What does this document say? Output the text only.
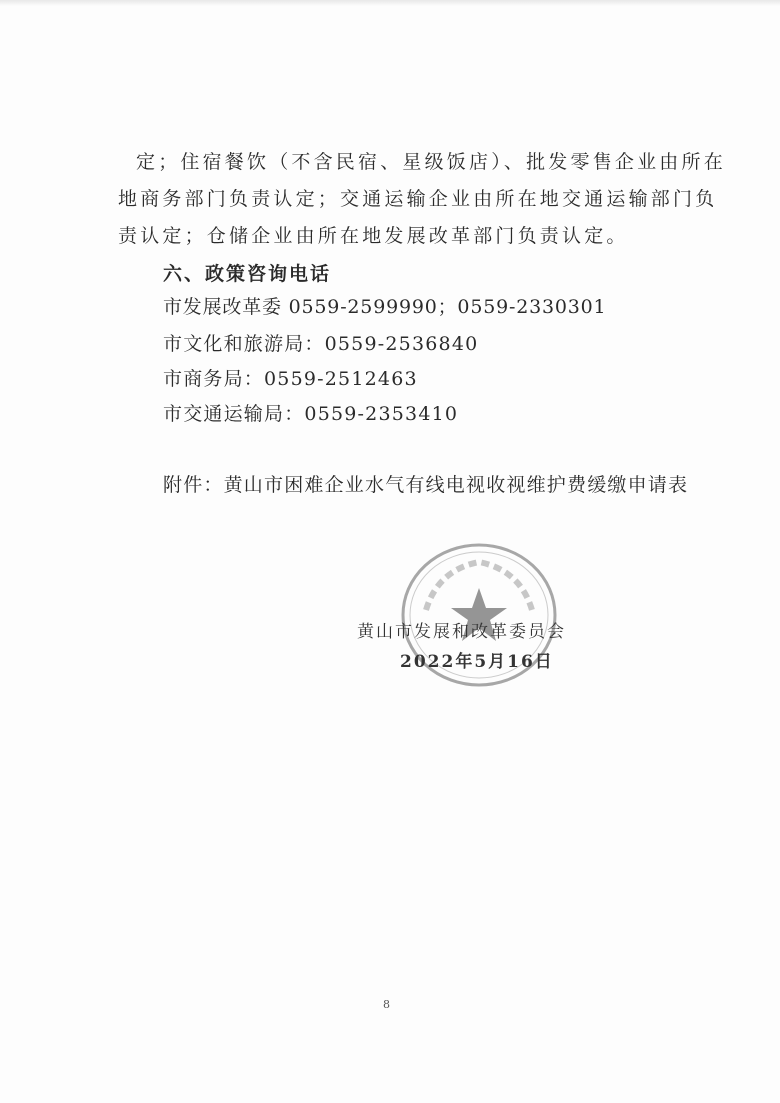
定；住宿餐饮（不含民宿、星级饭店）、批发零售企业由所在
地商务部门负责认定；交通运输企业由所在地交通运输部门负
责认定；仓储企业由所在地发展改革部门负责认定。
六、政策咨询电话
市发展改革委 0559-2599990；0559-2330301
市文化和旅游局：0559-2536840
市商务局：0559-2512463
市交通运输局：0559-2353410
附件：黄山市困难企业水气有线电视收视维护费缓缴申请表
黄山市发展和改革委员会
2022年5月16日
8
